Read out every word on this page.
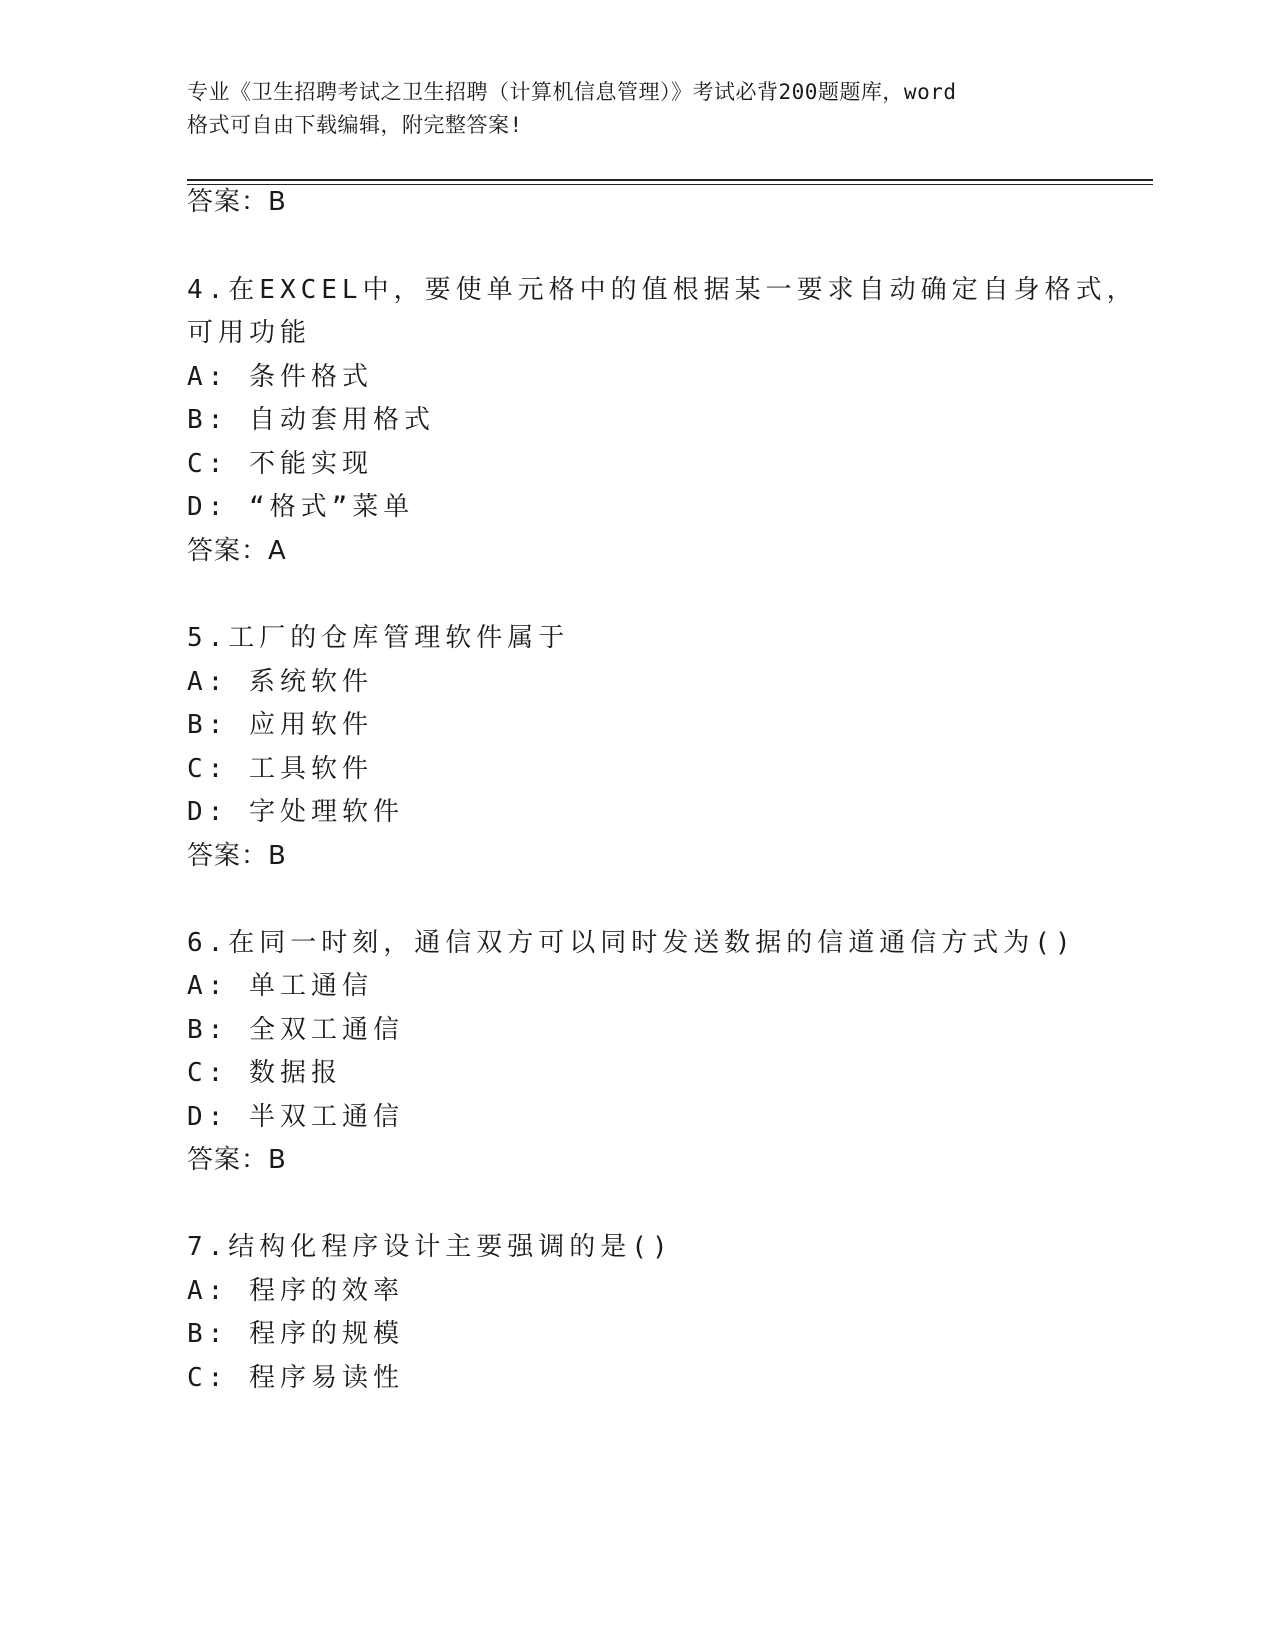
专业《卫生招聘考试之卫生招聘（计算机信息管理）》考试必背200题题库，word
格式可自由下载编辑，附完整答案!
答案：B
4.在EXCEL中，要使单元格中的值根据某一要求自动确定自身格式，
可用功能
A: 条件格式
B: 自动套用格式
C: 不能实现
D: “格式”菜单
答案：A
5.工厂的仓库管理软件属于
A: 系统软件
B: 应用软件
C: 工具软件
D: 字处理软件
答案：B
6.在同一时刻，通信双方可以同时发送数据的信道通信方式为()
A: 单工通信
B: 全双工通信
C: 数据报
D: 半双工通信
答案：B
7.结构化程序设计主要强调的是()
A: 程序的效率
B: 程序的规模
C: 程序易读性
